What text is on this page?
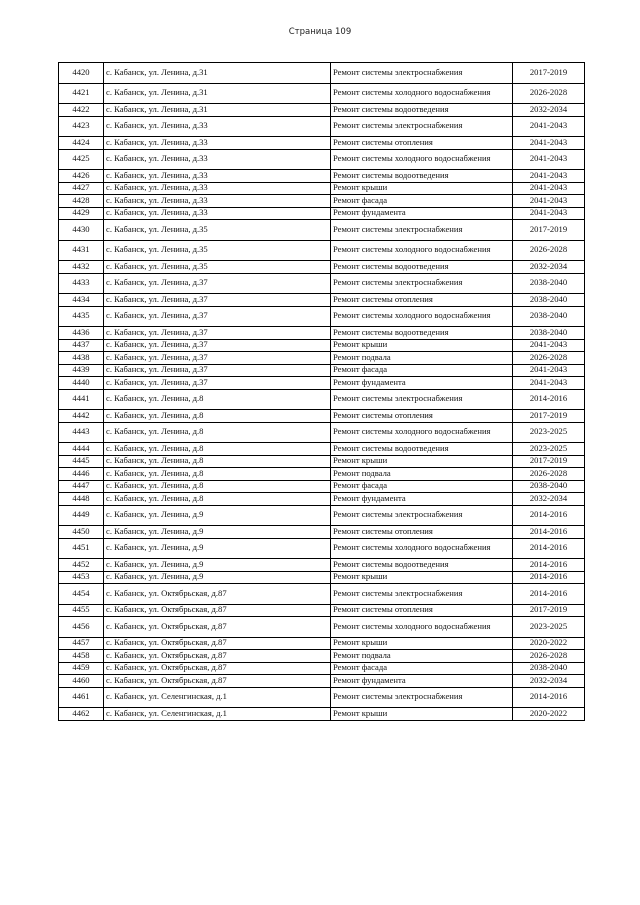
Страница 109
4420	с. Кабанск, ул. Ленина, д.31	Ремонт системы электроснабжения	2017-2019
4421	с. Кабанск, ул. Ленина, д.31	Ремонт системы холодного водоснабжения	2026-2028
4422	с. Кабанск, ул. Ленина, д.31	Ремонт системы водоотведения	2032-2034
4423	с. Кабанск, ул. Ленина, д.33	Ремонт системы электроснабжения	2041-2043
4424	с. Кабанск, ул. Ленина, д.33	Ремонт системы отопления	2041-2043
4425	с. Кабанск, ул. Ленина, д.33	Ремонт системы холодного водоснабжения	2041-2043
4426	с. Кабанск, ул. Ленина, д.33	Ремонт системы водоотведения	2041-2043
4427	с. Кабанск, ул. Ленина, д.33	Ремонт крыши	2041-2043
4428	с. Кабанск, ул. Ленина, д.33	Ремонт фасада	2041-2043
4429	с. Кабанск, ул. Ленина, д.33	Ремонт фундамента	2041-2043
4430	с. Кабанск, ул. Ленина, д.35	Ремонт системы электроснабжения	2017-2019
4431	с. Кабанск, ул. Ленина, д.35	Ремонт системы холодного водоснабжения	2026-2028
4432	с. Кабанск, ул. Ленина, д.35	Ремонт системы водоотведения	2032-2034
4433	с. Кабанск, ул. Ленина, д.37	Ремонт системы электроснабжения	2038-2040
4434	с. Кабанск, ул. Ленина, д.37	Ремонт системы отопления	2038-2040
4435	с. Кабанск, ул. Ленина, д.37	Ремонт системы холодного водоснабжения	2038-2040
4436	с. Кабанск, ул. Ленина, д.37	Ремонт системы водоотведения	2038-2040
4437	с. Кабанск, ул. Ленина, д.37	Ремонт крыши	2041-2043
4438	с. Кабанск, ул. Ленина, д.37	Ремонт подвала	2026-2028
4439	с. Кабанск, ул. Ленина, д.37	Ремонт фасада	2041-2043
4440	с. Кабанск, ул. Ленина, д.37	Ремонт фундамента	2041-2043
4441	с. Кабанск, ул. Ленина, д.8	Ремонт системы электроснабжения	2014-2016
4442	с. Кабанск, ул. Ленина, д.8	Ремонт системы отопления	2017-2019
4443	с. Кабанск, ул. Ленина, д.8	Ремонт системы холодного водоснабжения	2023-2025
4444	с. Кабанск, ул. Ленина, д.8	Ремонт системы водоотведения	2023-2025
4445	с. Кабанск, ул. Ленина, д.8	Ремонт крыши	2017-2019
4446	с. Кабанск, ул. Ленина, д.8	Ремонт подвала	2026-2028
4447	с. Кабанск, ул. Ленина, д.8	Ремонт фасада	2038-2040
4448	с. Кабанск, ул. Ленина, д.8	Ремонт фундамента	2032-2034
4449	с. Кабанск, ул. Ленина, д.9	Ремонт системы электроснабжения	2014-2016
4450	с. Кабанск, ул. Ленина, д.9	Ремонт системы отопления	2014-2016
4451	с. Кабанск, ул. Ленина, д.9	Ремонт системы холодного водоснабжения	2014-2016
4452	с. Кабанск, ул. Ленина, д.9	Ремонт системы водоотведения	2014-2016
4453	с. Кабанск, ул. Ленина, д.9	Ремонт крыши	2014-2016
4454	с. Кабанск, ул. Октябрьская, д.87	Ремонт системы электроснабжения	2014-2016
4455	с. Кабанск, ул. Октябрьская, д.87	Ремонт системы отопления	2017-2019
4456	с. Кабанск, ул. Октябрьская, д.87	Ремонт системы холодного водоснабжения	2023-2025
4457	с. Кабанск, ул. Октябрьская, д.87	Ремонт крыши	2020-2022
4458	с. Кабанск, ул. Октябрьская, д.87	Ремонт подвала	2026-2028
4459	с. Кабанск, ул. Октябрьская, д.87	Ремонт фасада	2038-2040
4460	с. Кабанск, ул. Октябрьская, д.87	Ремонт фундамента	2032-2034
4461	с. Кабанск, ул. Селенгинская, д.1	Ремонт системы электроснабжения	2014-2016
4462	с. Кабанск, ул. Селенгинская, д.1	Ремонт крыши	2020-2022
